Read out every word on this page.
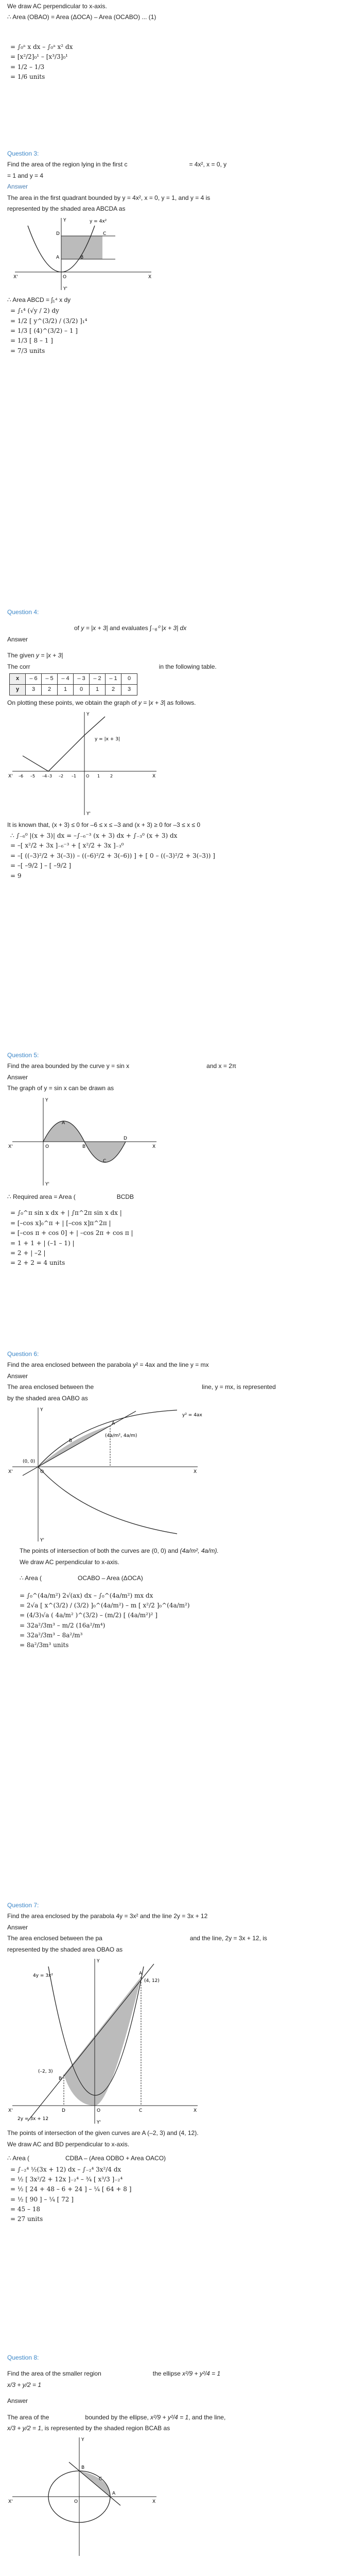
We draw AC perpendicular to x-axis.

∴ Area (OBAO) = Area (ΔOCA) – Area (OCABO) ... (1)

= ∫₀ᵃ x dx – ∫₀ᵃ x² dx
= [x²/2]₀¹ – [x³/3]₀¹
= 1/2 – 1/3
= 1/6 units

Question 3:

Find the area of the region lying in the first c	= 4x², x = 0, y

= 1 and y = 4

Answer

The area in the first quadrant bounded by y = 4x², x = 0, y = 1, and y = 4 is

represented by the shaded area ABCDA as

y = 4x²
D
A
C
B
O	X
X'
Y
Y'

∴ Area ABCD = ∫₁⁴ x dy

= ∫₁⁴ (√y / 2) dy
= 1/2 [ y^(3/2) / (3/2) ]₁⁴
= 1/3 [ (4)^(3/2) – 1 ]
= 1/3 [ 8 – 1 ]
= 7/3 units

Question 4:

of y = |x + 3| and evaluates ∫₋₆⁰ |x + 3| dx

Answer

The given y = |x + 3|

The corr	in the following table.

x	– 6	– 5	– 4	– 3	– 2	– 1	0
y	3	2	1	0	1	2	3

On plotting these points, we obtain the graph of y = |x + 3| as follows.

y = |x + 3|
–6 –5 –4 –3 –2 –1 O 1 2	X
X'
Y
Y'

It is known that, (x + 3) ≤ 0 for –6 ≤ x ≤ –3 and (x + 3) ≥ 0 for –3 ≤ x ≤ 0

∴ ∫₋₆⁰ |(x + 3)| dx = –∫₋₆⁻³ (x + 3) dx + ∫₋₃⁰ (x + 3) dx
= –[ x²/2 + 3x ]₋₆⁻³ + [ x²/2 + 3x ]₋₃⁰
= –[ ((–3)²/2 + 3(–3)) – ((–6)²/2 + 3(–6)) ] + [ 0 – ((–3)²/2 + 3(–3)) ]
= –[ –9/2 ] – [ –9/2 ]
= 9

Question 5:

Find the area bounded by the curve y = sin x	and x = 2π

Answer

The graph of y = sin x can be drawn as

O
A
B
C
D
X
X'
Y
Y'

∴ Required area = Area (	BCDB

= ∫₀^π sin x dx + | ∫π^2π sin x dx |
= [–cos x]₀^π + | [–cos x]π^2π |
= [–cos π + cos 0] + | –cos 2π + cos π |
= 1 + 1 + | (–1 – 1) |
= 2 + | –2 |
= 2 + 2 = 4 units

Question 6:

Find the area enclosed between the parabola y² = 4ax and the line y = mx

Answer

The area enclosed between the	line, y = mx, is represented

by the shaded area OABO as

y² = 4ax
(4a/m², 4a/m)
(0, 0)
O
A
B
X
X'
Y
Y'

The points of intersection of both the curves are (0, 0) and (4a/m², 4a/m).

We draw AC perpendicular to x-axis.

∴ Area (	OCABO – Area (ΔOCA)

= ∫₀^(4a/m²) 2√(ax) dx – ∫₀^(4a/m²) mx dx
= 2√a [ x^(3/2) / (3/2) ]₀^(4a/m²) – m [ x²/2 ]₀^(4a/m²)
= (4/3)√a ( 4a/m² )^(3/2) – (m/2) [ (4a/m²)² ]
= 32a²/3m³ – m/2 (16a²/m⁴)
= 32a²/3m³ – 8a²/m³
= 8a²/3m³ units

Question 7:

Find the area enclosed by the parabola 4y = 3x² and the line 2y = 3x + 12

Answer

The area enclosed between the pa	and the line, 2y = 3x + 12, is

represented by the shaded area OBAO as

4y = 3x²
2y = 3x + 12
(4, 12)
(–2, 3)
A
B
C
D	O	X
X'
Y
Y'

The points of intersection of the given curves are A (–2, 3) and (4, 12).

We draw AC and BD perpendicular to x-axis.

∴ Area (	CDBA – (Area ODBO + Area OACO)

= ∫₋₂⁴ ½(3x + 12) dx – ∫₋₂⁴ 3x²/4 dx
= ½ [ 3x²/2 + 12x ]₋₂⁴ – ¾ [ x³/3 ]₋₂⁴
= ½ [ 24 + 48 – 6 + 24 ] – ¼ [ 64 + 8 ]
= ½ [ 90 ] – ¼ [ 72 ]
= 45 – 18
= 27 units

Question 8:

Find the area of the smaller region	the ellipse x²/9 + y²/4 = 1

x/3 + y/2 = 1

Answer

The area of the	bounded by the ellipse, x²/9 + y²/4 = 1, and the line,

x/3 + y/2 = 1, is represented by the shaded region BCAB as

A
B
C
O	X
X'
Y
